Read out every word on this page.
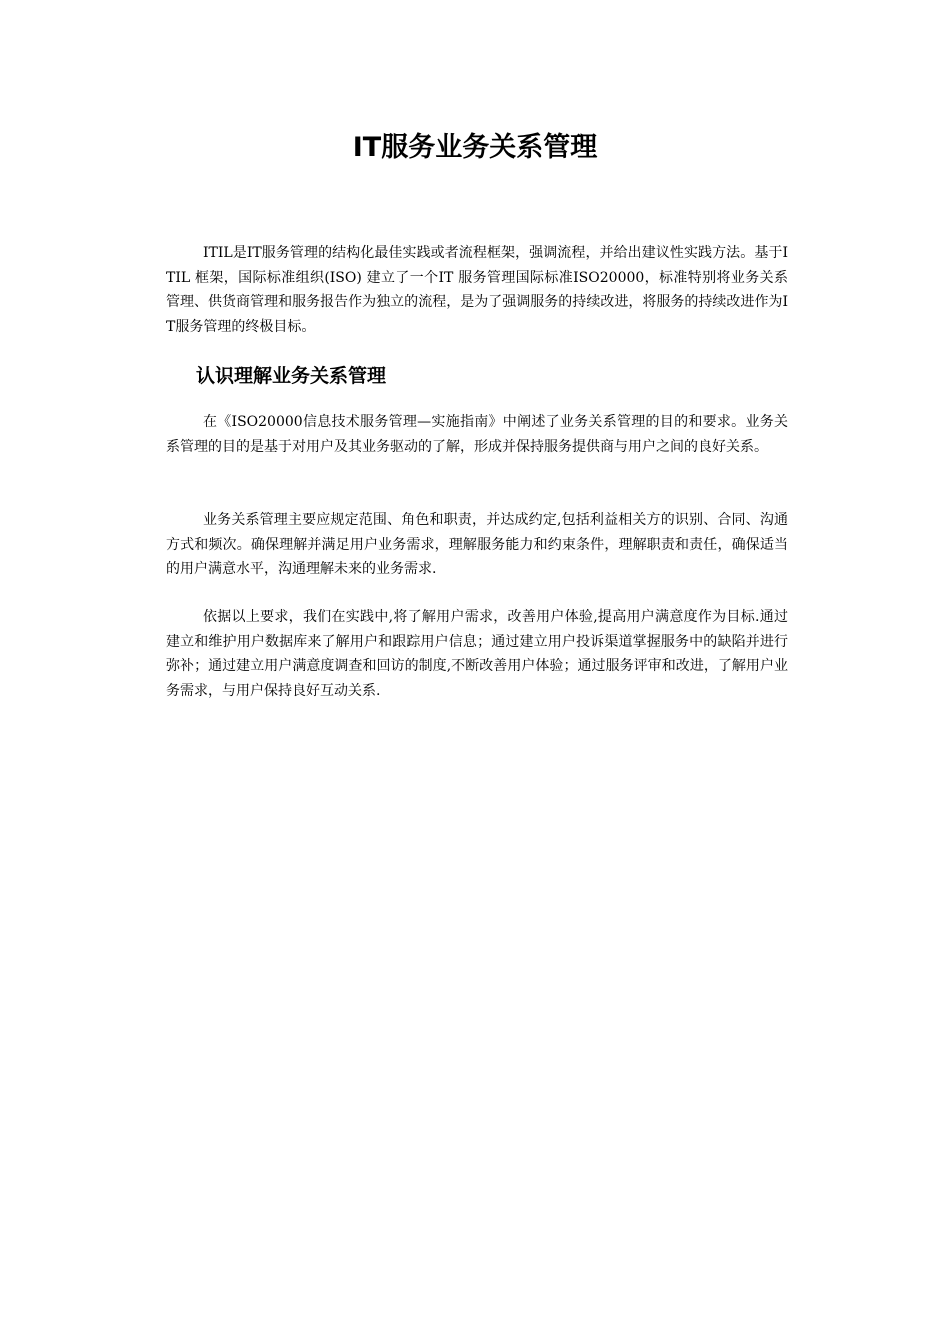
IT服务业务关系管理

ITIL是IT服务管理的结构化最佳实践或者流程框架，强调流程，并给出建议性实践方法。基于ITIL 框架，国际标准组织(ISO) 建立了一个IT 服务管理国际标准ISO20000，标准特别将业务关系管理、供货商管理和服务报告作为独立的流程，是为了强调服务的持续改进，将服务的持续改进作为IT服务管理的终极目标。

认识理解业务关系管理

在《ISO20000信息技术服务管理—实施指南》中阐述了业务关系管理的目的和要求。业务关系管理的目的是基于对用户及其业务驱动的了解，形成并保持服务提供商与用户之间的良好关系。

业务关系管理主要应规定范围、角色和职责，并达成约定,包括利益相关方的识别、合同、沟通方式和频次。确保理解并满足用户业务需求，理解服务能力和约束条件，理解职责和责任，确保适当的用户满意水平，沟通理解未来的业务需求.

依据以上要求，我们在实践中,将了解用户需求，改善用户体验,提高用户满意度作为目标.通过建立和维护用户数据库来了解用户和跟踪用户信息；通过建立用户投诉渠道掌握服务中的缺陷并进行弥补；通过建立用户满意度调查和回访的制度,不断改善用户体验；通过服务评审和改进，了解用户业务需求，与用户保持良好互动关系.
